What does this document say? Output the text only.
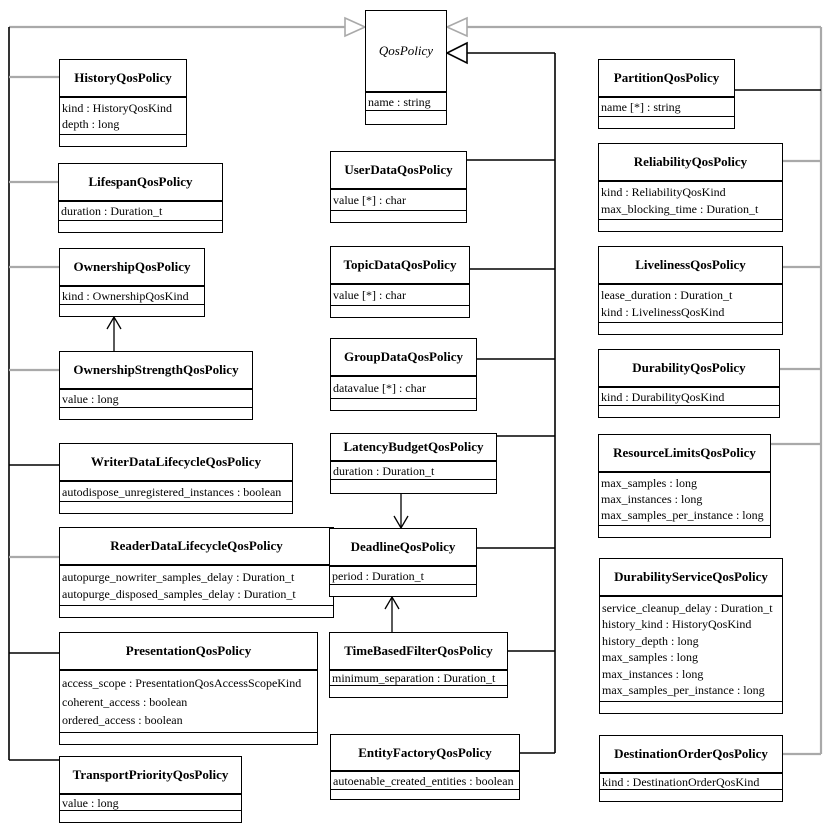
QosPolicy
name : string
HistoryQosPolicy
kind : HistoryQosKind
depth : long
LifespanQosPolicy
duration : Duration_t
OwnershipQosPolicy
kind : OwnershipQosKind
OwnershipStrengthQosPolicy
value : long
WriterDataLifecycleQosPolicy
autodispose_unregistered_instances : boolean
ReaderDataLifecycleQosPolicy
autopurge_nowriter_samples_delay : Duration_t
autopurge_disposed_samples_delay : Duration_t
PresentationQosPolicy
access_scope : PresentationQosAccessScopeKind
coherent_access : boolean
ordered_access : boolean
TransportPriorityQosPolicy
value : long
UserDataQosPolicy
value [*] : char
TopicDataQosPolicy
value [*] : char
GroupDataQosPolicy
datavalue [*] : char
LatencyBudgetQosPolicy
duration : Duration_t
DeadlineQosPolicy
period : Duration_t
TimeBasedFilterQosPolicy
minimum_separation : Duration_t
EntityFactoryQosPolicy
autoenable_created_entities : boolean
PartitionQosPolicy
name [*] : string
ReliabilityQosPolicy
kind : ReliabilityQosKind
max_blocking_time : Duration_t
LivelinessQosPolicy
lease_duration : Duration_t
kind : LivelinessQosKind
DurabilityQosPolicy
kind : DurabilityQosKind
ResourceLimitsQosPolicy
max_samples : long
max_instances : long
max_samples_per_instance : long
DurabilityServiceQosPolicy
service_cleanup_delay : Duration_t
history_kind : HistoryQosKind
history_depth : long
max_samples : long
max_instances : long
max_samples_per_instance : long
DestinationOrderQosPolicy
kind : DestinationOrderQosKind
